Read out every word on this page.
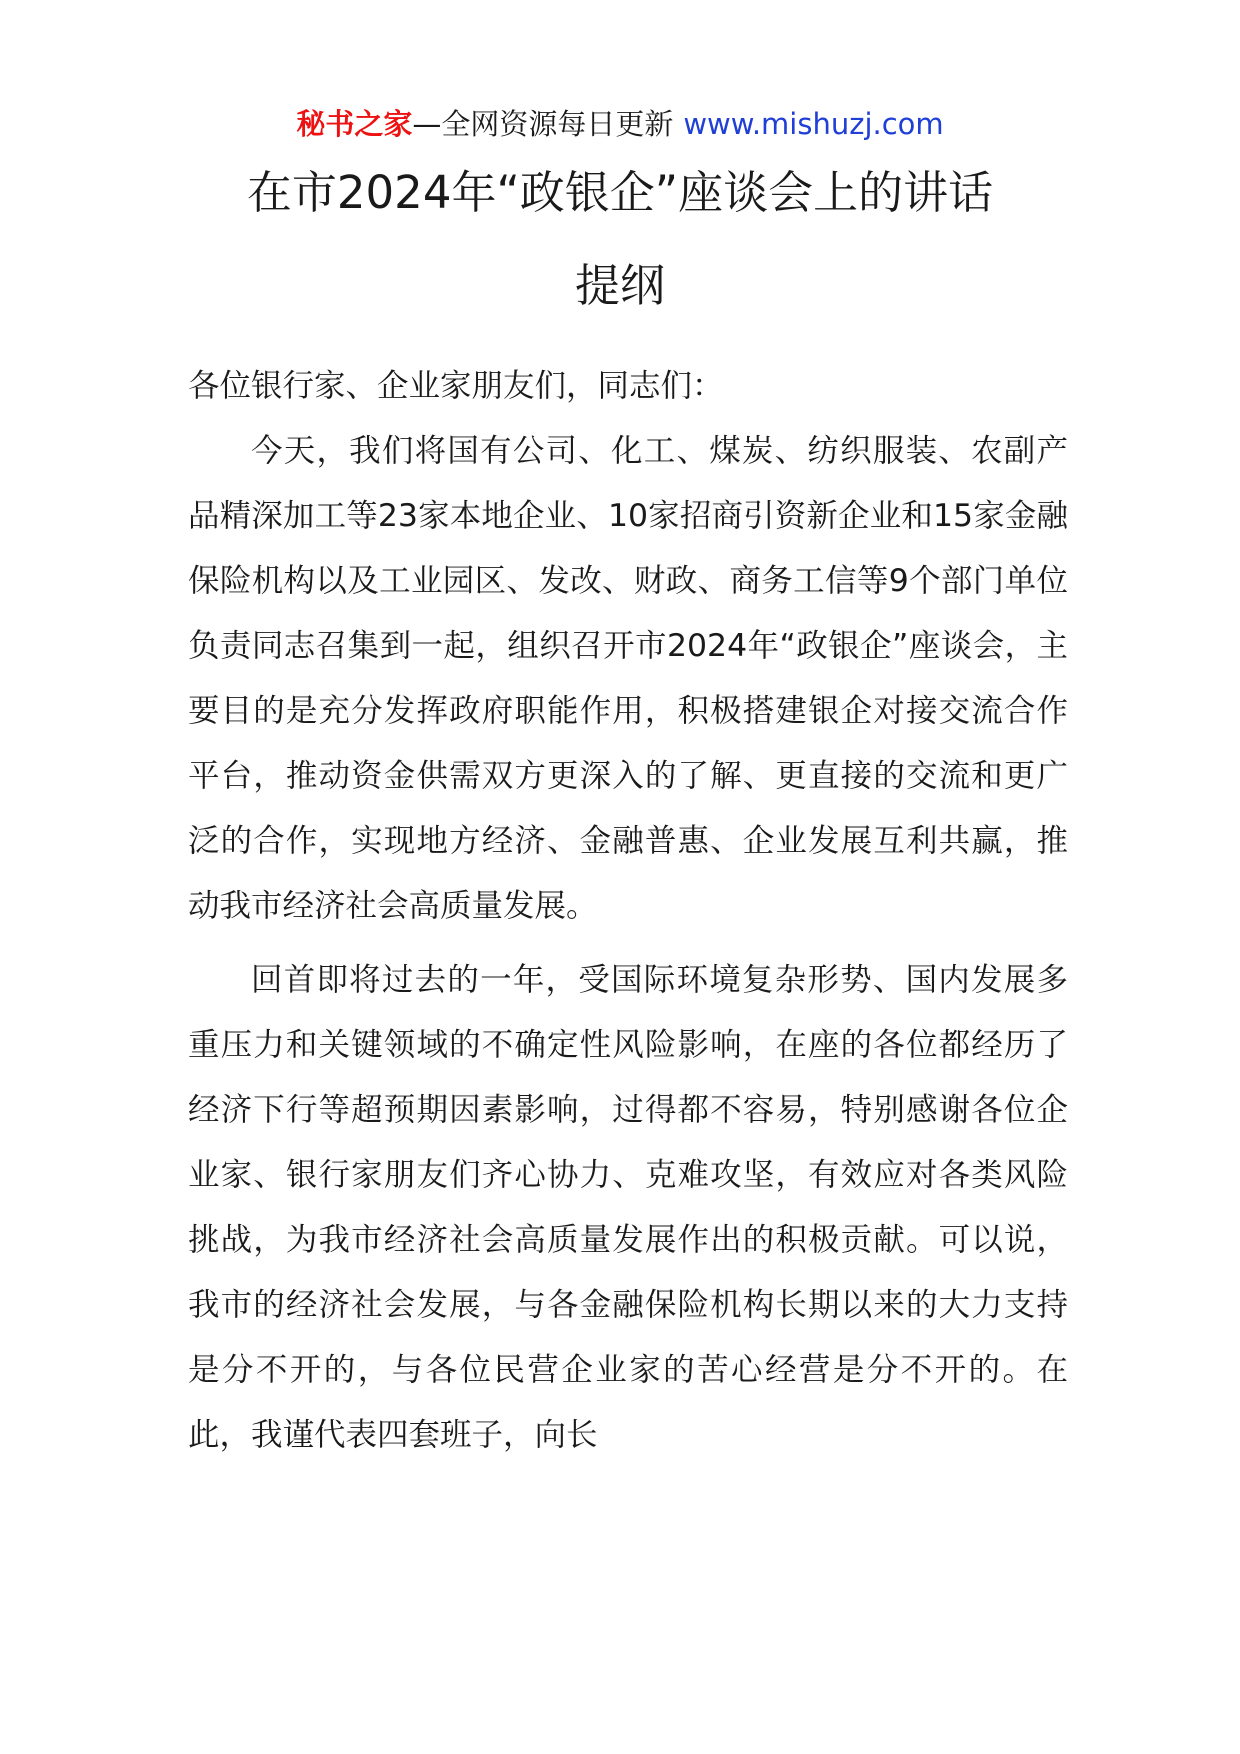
秘书之家—全网资源每日更新 www.mishuzj.com
在市2024年“政银企”座谈会上的讲话
提纲

各位银行家、企业家朋友们，同志们：

今天，我们将国有公司、化工、煤炭、纺织服装、农副产品精深加工等23家本地企业、10家招商引资新企业和15家金融保险机构以及工业园区、发改、财政、商务工信等9个部门单位负责同志召集到一起，组织召开市2024年“政银企”座谈会，主要目的是充分发挥政府职能作用，积极搭建银企对接交流合作平台，推动资金供需双方更深入的了解、更直接的交流和更广泛的合作，实现地方经济、金融普惠、企业发展互利共赢，推动我市经济社会高质量发展。

回首即将过去的一年，受国际环境复杂形势、国内发展多重压力和关键领域的不确定性风险影响，在座的各位都经历了经济下行等超预期因素影响，过得都不容易，特别感谢各位企业家、银行家朋友们齐心协力、克难攻坚，有效应对各类风险挑战，为我市经济社会高质量发展作出的积极贡献。可以说，我市的经济社会发展，与各金融保险机构长期以来的大力支持是分不开的，与各位民营企业家的苦心经营是分不开的。在此，我谨代表四套班子，向长
